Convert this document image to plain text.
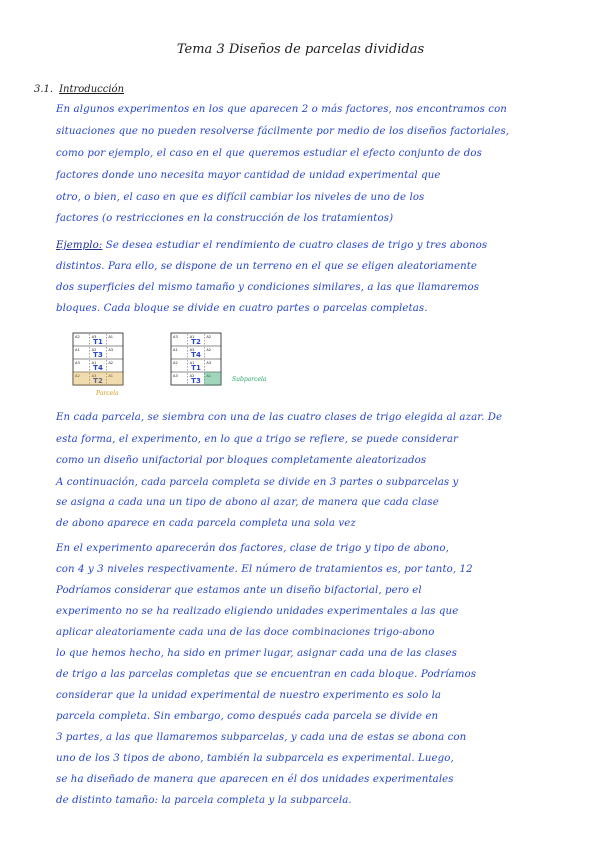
Tema 3 Diseños de parcelas divididas
3.1. Introducción
En algunos experimentos en los que aparecen 2 o más factores, nos encontramos con
situaciones que no pueden resolverse fácilmente por medio de los diseños factoriales,
como por ejemplo, el caso en el que queremos estudiar el efecto conjunto de dos
factores donde uno necesita mayor cantidad de unidad experimental que
otro, o bien, el caso en que es difícil cambiar los niveles de uno de los
factores (o restricciones en la construcción de los tratamientos)
Ejemplo: Se desea estudiar el rendimiento de cuatro clases de trigo y tres abonos
distintos. Para ello, se dispone de un terreno en el que se eligen aleatoriamente
dos superficies del mismo tamaño y condiciones similares, a las que llamaremos
bloques. Cada bloque se divide en cuatro partes o parcelas completas.
A2	A3	A1
T1
A1	A2	A3
T3
A3	A1	A2
T4
A2	A3	A1
T2
A3	A1	A2
T2
A1	A3	A2
T4
A2	A1	A3
T1
A3	A2	A1
T3
Parcela
Subparcela
En cada parcela, se siembra con una de las cuatro clases de trigo elegida al azar. De
esta forma, el experimento, en lo que a trigo se refiere, se puede considerar
como un diseño unifactorial por bloques completamente aleatorizados
A continuación, cada parcela completa se divide en 3 partes o subparcelas y
se asigna a cada una un tipo de abono al azar, de manera que cada clase
de abono aparece en cada parcela completa una sola vez
En el experimento aparecerán dos factores, clase de trigo y tipo de abono,
con 4 y 3 niveles respectivamente. El número de tratamientos es, por tanto, 12
Podríamos considerar que estamos ante un diseño bifactorial, pero el
experimento no se ha realizado eligiendo unidades experimentales a las que
aplicar aleatoriamente cada una de las doce combinaciones trigo-abono
lo que hemos hecho, ha sido en primer lugar, asignar cada una de las clases
de trigo a las parcelas completas que se encuentran en cada bloque. Podríamos
considerar que la unidad experimental de nuestro experimento es solo la
parcela completa. Sin embargo, como después cada parcela se divide en
3 partes, a las que llamaremos subparcelas, y cada una de estas se abona con
uno de los 3 tipos de abono, también la subparcela es experimental. Luego,
se ha diseñado de manera que aparecen en él dos unidades experimentales
de distinto tamaño: la parcela completa y la subparcela.
